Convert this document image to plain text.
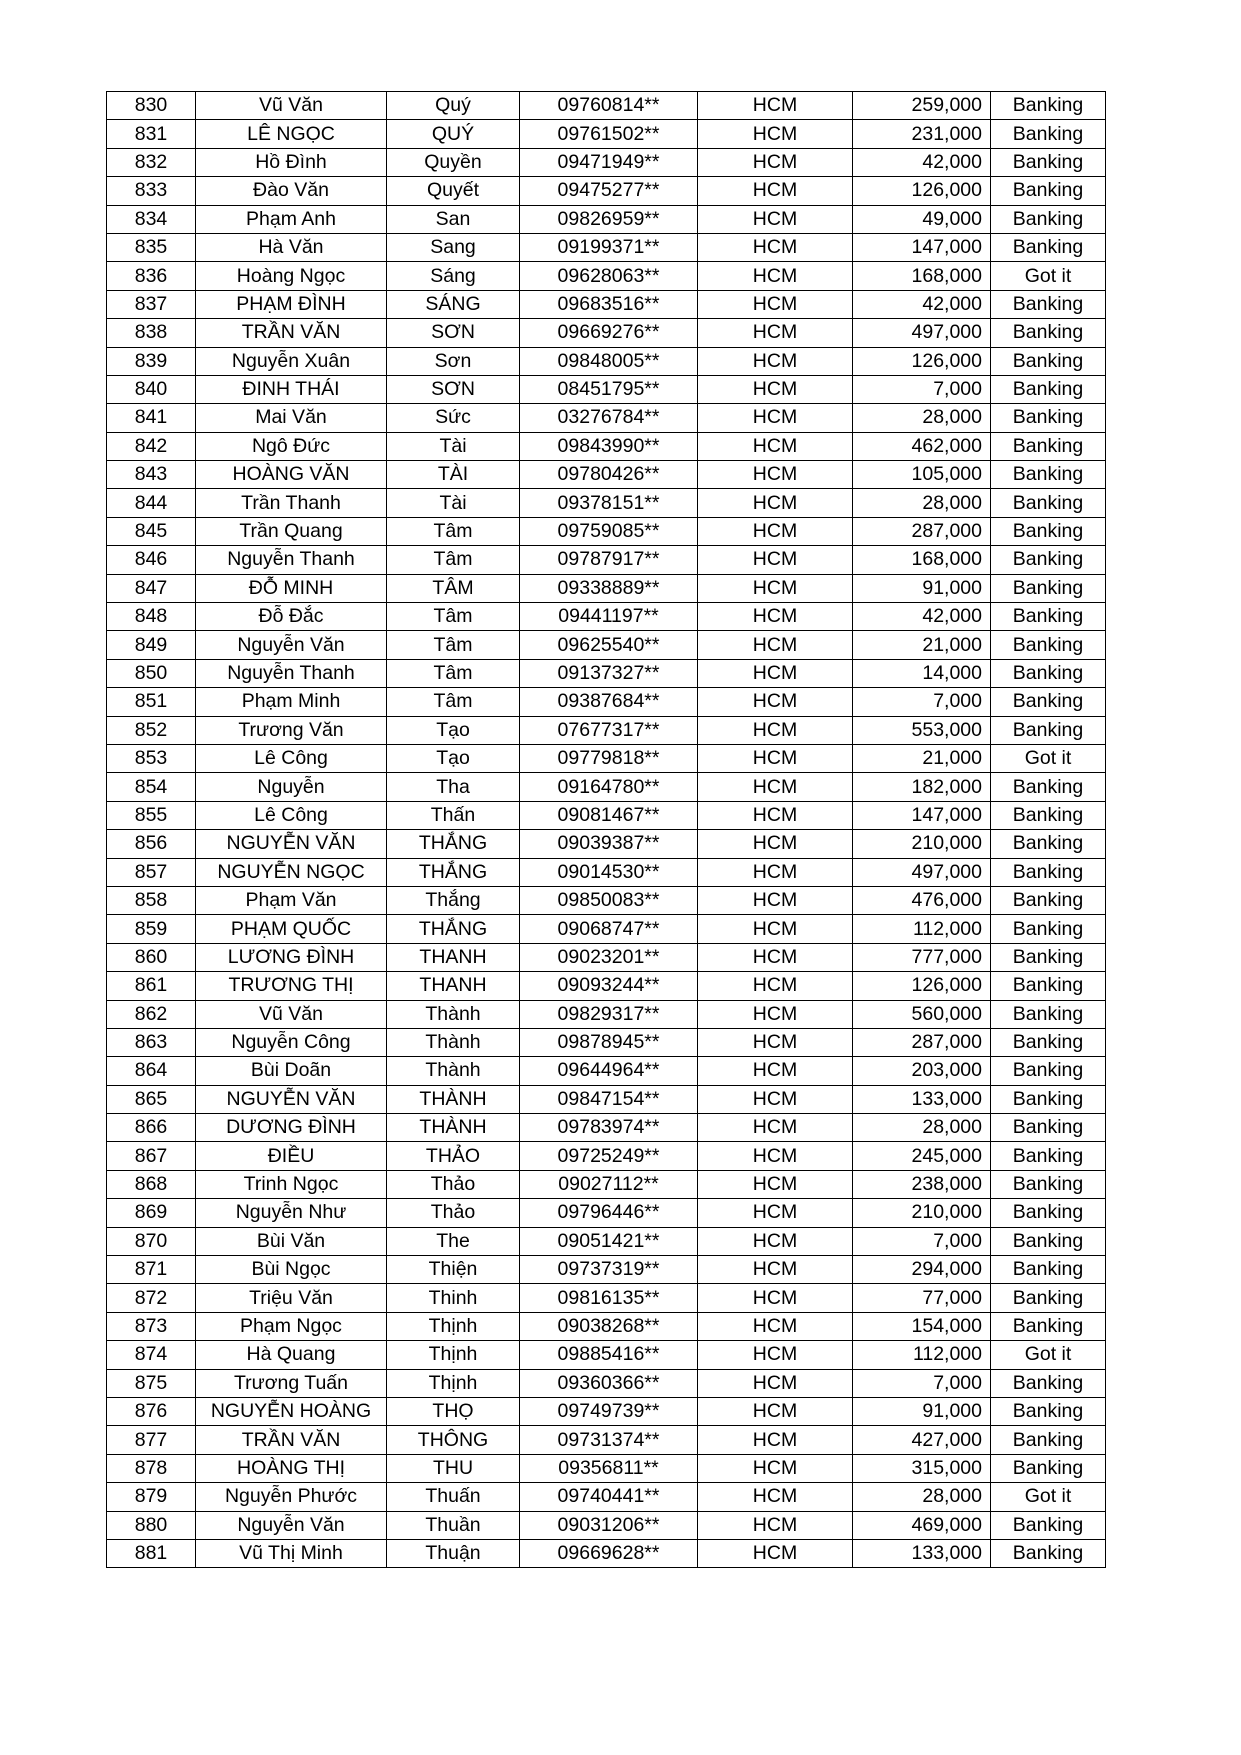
830	Vũ Văn	Quý	09760814**	HCM	259,000	Banking
831	LÊ NGỌC	QUÝ	09761502**	HCM	231,000	Banking
832	Hồ Đình	Quyền	09471949**	HCM	42,000	Banking
833	Đào Văn	Quyết	09475277**	HCM	126,000	Banking
834	Phạm Anh	San	09826959**	HCM	49,000	Banking
835	Hà Văn	Sang	09199371**	HCM	147,000	Banking
836	Hoàng Ngọc	Sáng	09628063**	HCM	168,000	Got it
837	PHẠM ĐÌNH	SÁNG	09683516**	HCM	42,000	Banking
838	TRẦN VĂN	SƠN	09669276**	HCM	497,000	Banking
839	Nguyễn Xuân	Sơn	09848005**	HCM	126,000	Banking
840	ĐINH THÁI	SƠN	08451795**	HCM	7,000	Banking
841	Mai Văn	Sức	03276784**	HCM	28,000	Banking
842	Ngô Đức	Tài	09843990**	HCM	462,000	Banking
843	HOÀNG VĂN	TÀI	09780426**	HCM	105,000	Banking
844	Trần Thanh	Tài	09378151**	HCM	28,000	Banking
845	Trần Quang	Tâm	09759085**	HCM	287,000	Banking
846	Nguyễn Thanh	Tâm	09787917**	HCM	168,000	Banking
847	ĐỖ MINH	TÂM	09338889**	HCM	91,000	Banking
848	Đỗ Đắc	Tâm	09441197**	HCM	42,000	Banking
849	Nguyễn Văn	Tâm	09625540**	HCM	21,000	Banking
850	Nguyễn Thanh	Tâm	09137327**	HCM	14,000	Banking
851	Phạm Minh	Tâm	09387684**	HCM	7,000	Banking
852	Trương Văn	Tạo	07677317**	HCM	553,000	Banking
853	Lê Công	Tạo	09779818**	HCM	21,000	Got it
854	Nguyễn	Tha	09164780**	HCM	182,000	Banking
855	Lê Công	Thấn	09081467**	HCM	147,000	Banking
856	NGUYỄN VĂN	THẮNG	09039387**	HCM	210,000	Banking
857	NGUYỄN NGỌC	THẮNG	09014530**	HCM	497,000	Banking
858	Phạm Văn	Thắng	09850083**	HCM	476,000	Banking
859	PHẠM QUỐC	THẮNG	09068747**	HCM	112,000	Banking
860	LƯƠNG ĐÌNH	THANH	09023201**	HCM	777,000	Banking
861	TRƯƠNG THỊ	THANH	09093244**	HCM	126,000	Banking
862	Vũ Văn	Thành	09829317**	HCM	560,000	Banking
863	Nguyễn Công	Thành	09878945**	HCM	287,000	Banking
864	Bùi Doãn	Thành	09644964**	HCM	203,000	Banking
865	NGUYỄN VĂN	THÀNH	09847154**	HCM	133,000	Banking
866	DƯƠNG ĐÌNH	THÀNH	09783974**	HCM	28,000	Banking
867	ĐIỀU	THẢO	09725249**	HCM	245,000	Banking
868	Trinh Ngọc	Thảo	09027112**	HCM	238,000	Banking
869	Nguyễn Như	Thảo	09796446**	HCM	210,000	Banking
870	Bùi Văn	The	09051421**	HCM	7,000	Banking
871	Bùi Ngọc	Thiện	09737319**	HCM	294,000	Banking
872	Triệu Văn	Thinh	09816135**	HCM	77,000	Banking
873	Phạm Ngọc	Thịnh	09038268**	HCM	154,000	Banking
874	Hà Quang	Thịnh	09885416**	HCM	112,000	Got it
875	Trương Tuấn	Thịnh	09360366**	HCM	7,000	Banking
876	NGUYỄN HOÀNG	THỌ	09749739**	HCM	91,000	Banking
877	TRẦN VĂN	THÔNG	09731374**	HCM	427,000	Banking
878	HOÀNG THỊ	THU	09356811**	HCM	315,000	Banking
879	Nguyễn Phước	Thuấn	09740441**	HCM	28,000	Got it
880	Nguyễn Văn	Thuần	09031206**	HCM	469,000	Banking
881	Vũ Thị Minh	Thuận	09669628**	HCM	133,000	Banking
